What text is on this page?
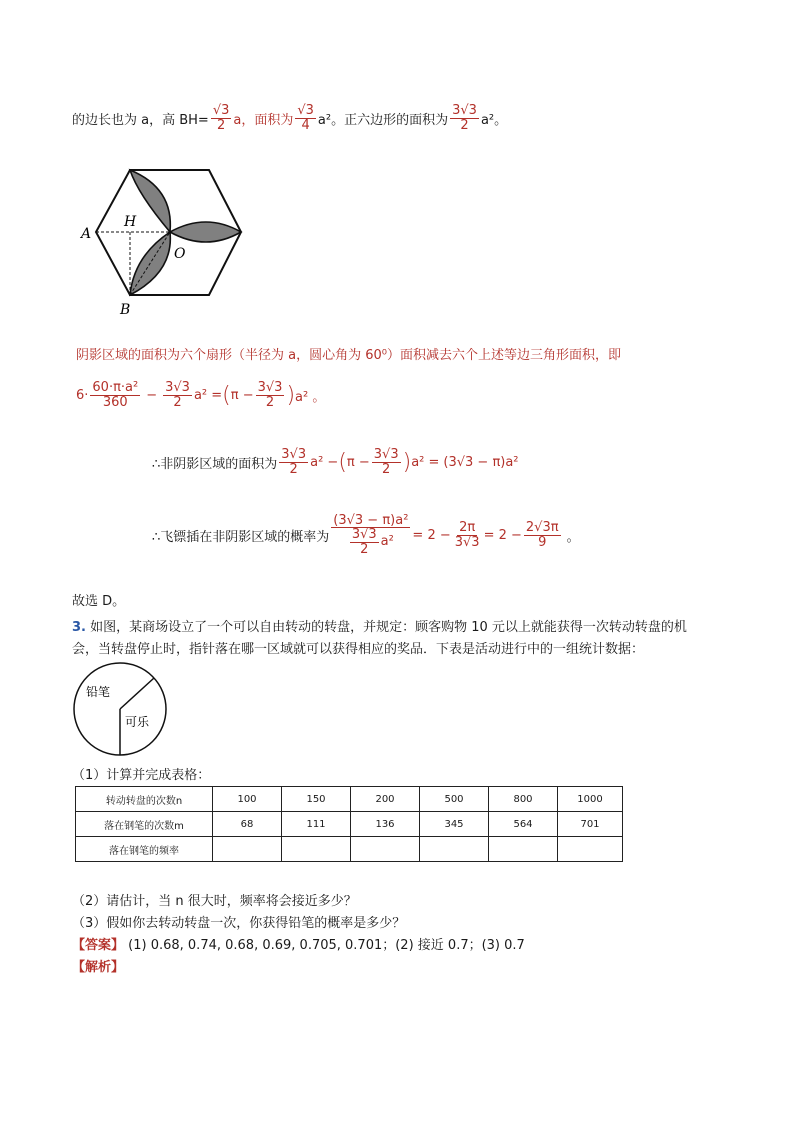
的边长也为 a，高 $BH= \frac{√3}{2}$ a，面积为 $\frac{√3}{4} a^2$。正六边形的面积为 $\frac{3√3}{2} a^2$。
A
H
O
B
阴影区域的面积为六个扇形（半径为 a，圆心角为 60⁰）面积减去六个上述等边三角形面积，即
$6\cdot \frac{\text{60·π·a²}}{360} - \frac{3√3}{2} a^2$ = ( $\pi - \frac{3√3}{2}$ ) a² 。
∴非阴影区域的面积为 $\frac{3√3}{2} a^2$ − ( $\pi - \frac{3√3}{2}$ ) a² = (3√3 − π) a²
∴飞镖插在非阴影区域的概率为 $\frac{\text{(3√3 − π)a²}}{\frac{3√3}{2} a^2} = 2 - \frac{2\pi}{3√3} = 2 - \frac{2√3\pi}{9}$ 。
故选 D。
3. 如图，某商场设立了一个可以自由转动的转盘，并规定：顾客购物 10 元以上就能获得一次转动转盘的机
会，当转盘停止时，指针落在哪一区域就可以获得相应的奖品．下表是活动进行中的一组统计数据：
铅笔
可乐
（1）计算并完成表格：
转动转盘的次数n	100	150	200	500	800	1000
落在钢笔的次数m	68	111	136	345	564	701
落在钢笔的频率						
（2）请估计，当 n 很大时，频率将会接近多少？
（3）假如你去转动转盘一次，你获得铅笔的概率是多少？
【答案】 (1) 0.68, 0.74, 0.68, 0.69, 0.705, 0.701；(2) 接近 0.7；(3) 0.7
【解析】
